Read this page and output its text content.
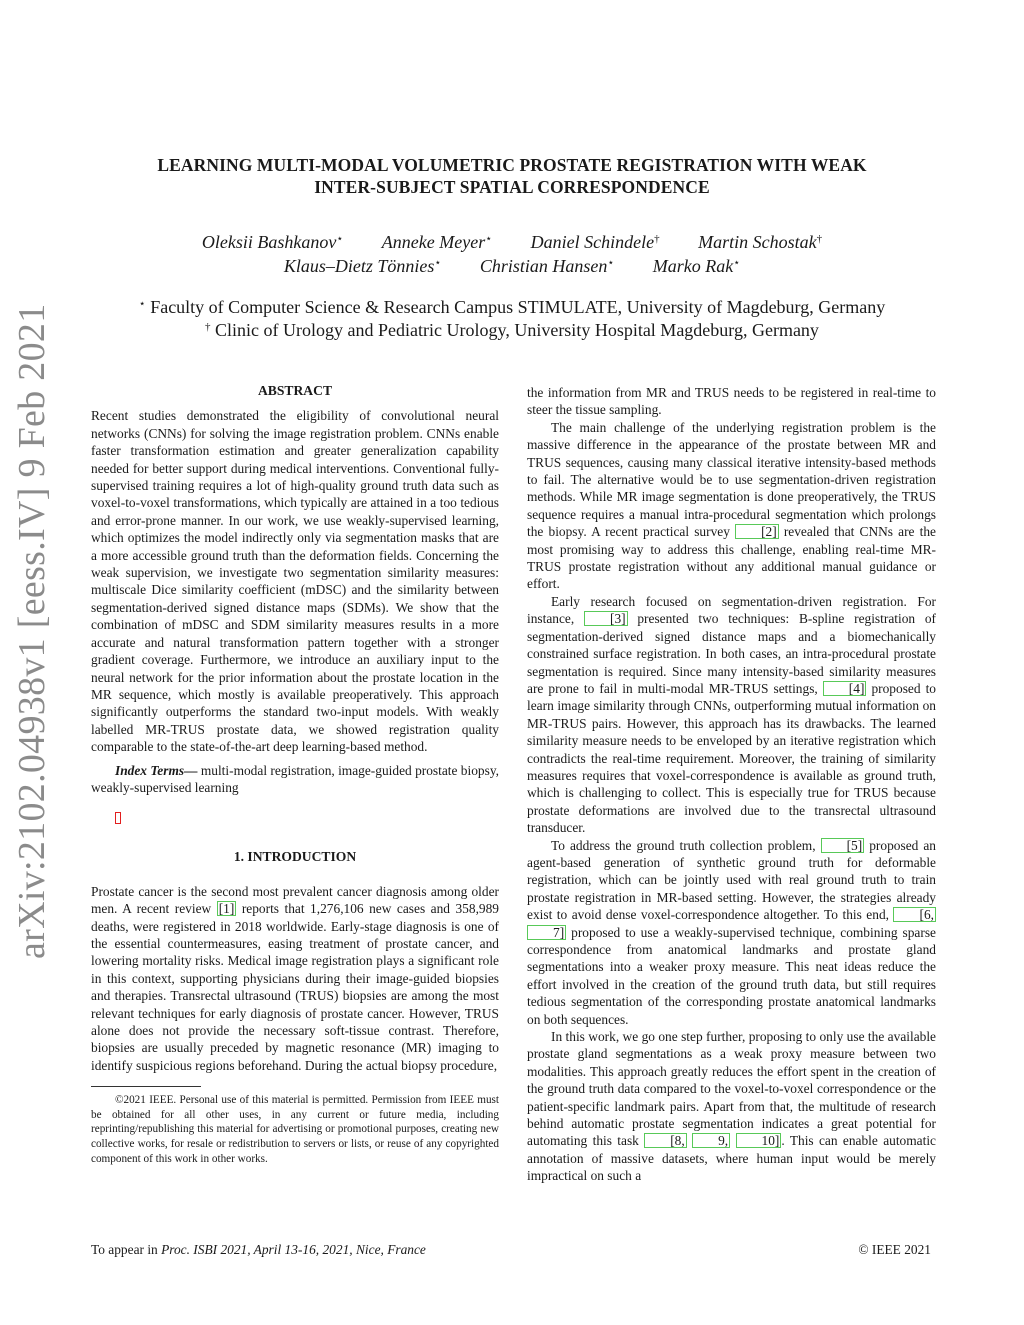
LEARNING MULTI-MODAL VOLUMETRIC PROSTATE REGISTRATION WITH WEAK
INTER-SUBJECT SPATIAL CORRESPONDENCE
Oleksii Bashkanov⋆ Anneke Meyer⋆ Daniel Schindele† Martin Schostak†
Klaus–Dietz Tönnies⋆ Christian Hansen⋆ Marko Rak⋆
⋆ Faculty of Computer Science & Research Campus STIMULATE, University of Magdeburg, Germany
† Clinic of Urology and Pediatric Urology, University Hospital Magdeburg, Germany
arXiv:2102.04938v1 [eess.IV] 9 Feb 2021	ABSTRACT

Recent studies demonstrated the eligibility of convolutional neural networks (CNNs) for solving the image registration problem. CNNs enable faster transformation estimation and greater generalization capability needed for better support during medical interventions. Conventional fully-supervised training requires a lot of high-quality ground truth data such as voxel-to-voxel transformations, which typically are attained in a too tedious and error-prone manner. In our work, we use weakly-supervised learning, which optimizes the model indirectly only via segmentation masks that are a more accessible ground truth than the deformation fields. Concerning the weak supervision, we investigate two segmentation similarity measures: multiscale Dice similarity coefficient (mDSC) and the similarity between segmentation-derived signed distance maps (SDMs). We show that the combination of mDSC and SDM similarity measures results in a more accurate and natural transformation pattern together with a stronger gradient coverage. Furthermore, we introduce an auxiliary input to the neural network for the prior information about the prostate location in the MR sequence, which mostly is available preoperatively. This approach significantly outperforms the standard two-input models. With weakly labelled MR-TRUS prostate data, we showed registration quality comparable to the state-of-the-art deep learning-based method.

Index Terms— multi-modal registration, image-guided prostate biopsy, weakly-supervised learning

1. INTRODUCTION

Prostate cancer is the second most prevalent cancer diagnosis among older men. A recent review [1] reports that 1,276,106 new cases and 358,989 deaths, were registered in 2018 worldwide. Early-stage diagnosis is one of the essential countermeasures, easing treatment of prostate cancer, and lowering mortality risks. Medical image registration plays a significant role in this context, supporting physicians during their image-guided biopsies and therapies. Transrectal ultrasound (TRUS) biopsies are among the most relevant techniques for early diagnosis of prostate cancer. However, TRUS alone does not provide the necessary soft-tissue contrast. Therefore, biopsies are usually preceded by magnetic resonance (MR) imaging to identify suspicious regions beforehand. During the actual biopsy procedure,

©2021 IEEE. Personal use of this material is permitted. Permission from IEEE must be obtained for all other uses, in any current or future media, including reprinting/republishing this material for advertising or promotional purposes, creating new collective works, for resale or redistribution to servers or lists, or reuse of any copyrighted component of this work in other works.

the information from MR and TRUS needs to be registered in real-time to steer the tissue sampling.

The main challenge of the underlying registration problem is the massive difference in the appearance of the prostate between MR and TRUS sequences, causing many classical iterative intensity-based methods to fail. The alternative would be to use segmentation-driven registration methods. While MR image segmentation is done preoperatively, the TRUS sequence requires a manual intra-procedural segmentation which prolongs the biopsy. A recent practical survey [2] revealed that CNNs are the most promising way to address this challenge, enabling real-time MR-TRUS prostate registration without any additional manual guidance or effort.

Early research focused on segmentation-driven registration. For instance, [3] presented two techniques: B-spline registration of segmentation-derived signed distance maps and a biomechanically constrained surface registration. In both cases, an intra-procedural prostate segmentation is required. Since many intensity-based similarity measures are prone to fail in multi-modal MR-TRUS settings, [4] proposed to learn image similarity through CNNs, outperforming mutual information on MR-TRUS pairs. However, this approach has its drawbacks. The learned similarity measure needs to be enveloped by an iterative registration which contradicts the real-time requirement. Moreover, the training of similarity measures requires that voxel-correspondence is available as ground truth, which is challenging to collect. This is especially true for TRUS because prostate deformations are involved due to the transrectal ultrasound transducer.

To address the ground truth collection problem, [5] proposed an agent-based generation of synthetic ground truth for deformable registration, which can be jointly used with real ground truth to train prostate registration in MR-based setting. However, the strategies already exist to avoid dense voxel-correspondence altogether. To this end, [6, 7] proposed to use a weakly-supervised technique, combining sparse correspondence from anatomical landmarks and prostate gland segmentations into a weaker proxy measure. This neat ideas reduce the effort involved in the creation of the ground truth data, but still requires tedious segmentation of the corresponding prostate anatomical landmarks on both sequences.

In this work, we go one step further, proposing to only use the available prostate gland segmentations as a weak proxy measure between two modalities. This approach greatly reduces the effort spent in the creation of the ground truth data compared to the voxel-to-voxel correspondence or the patient-specific landmark pairs. Apart from that, the multitude of research behind automatic prostate segmentation indicates a great potential for automating this task [8, 9, 10] . This can enable automatic annotation of massive datasets, where human input would be merely impractical on such a

To appear in Proc. ISBI 2021, April 13-16, 2021, Nice, France	© IEEE 2021
